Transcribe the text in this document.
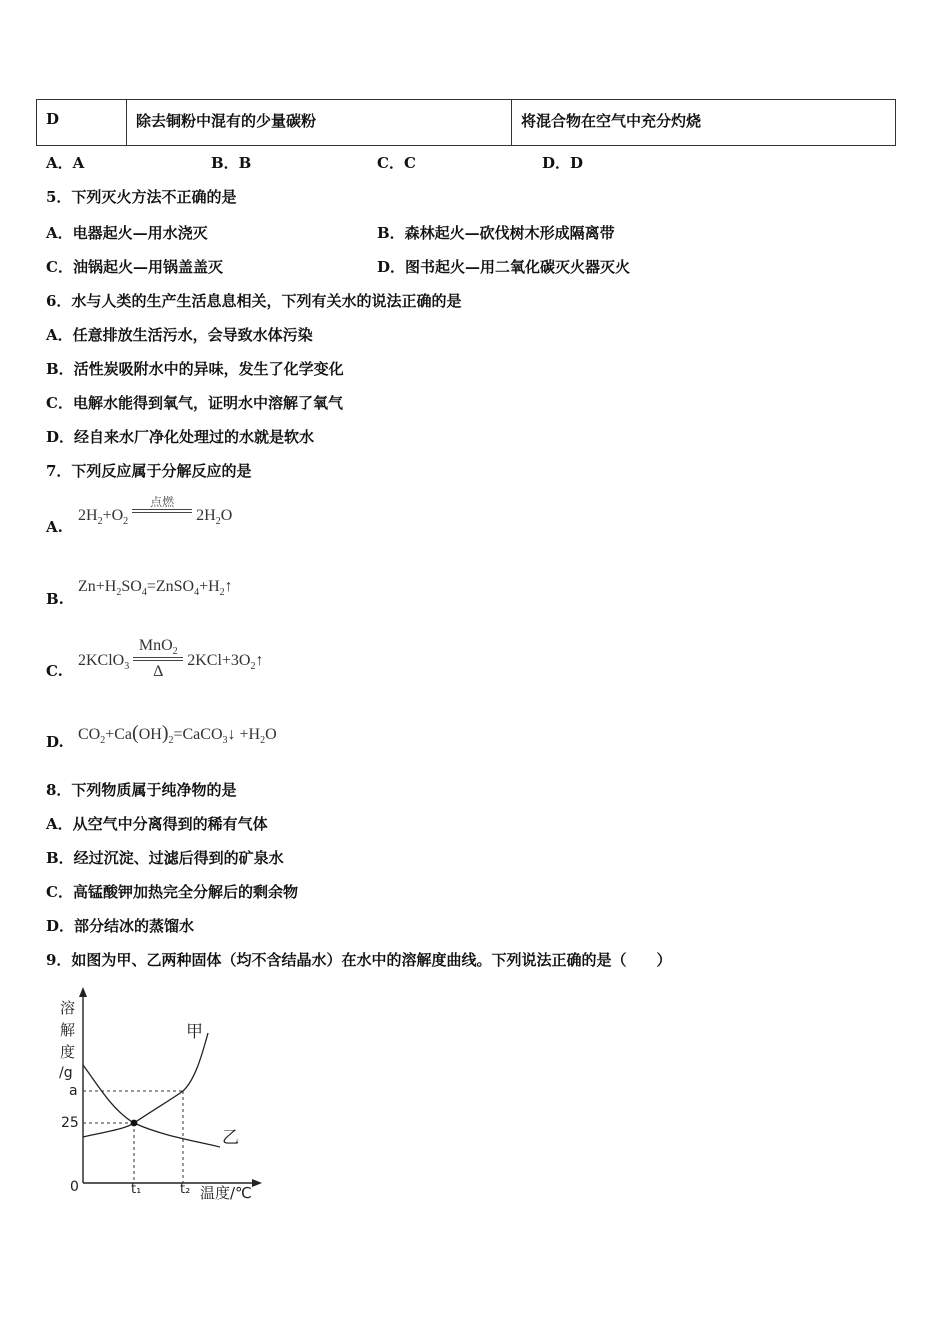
D	除去铜粉中混有的少量碳粉	将混合物在空气中充分灼烧
A．A	B．B	C．C	D．D
5．下列灭火方法不正确的是
A．电器起火—用水浇灭	B．森林起火—砍伐树木形成隔离带
C．油锅起火—用锅盖盖灭	D．图书起火—用二氧化碳灭火器灭火
6．水与人类的生产生活息息相关，下列有关水的说法正确的是
A．任意排放生活污水，会导致水体污染
B．活性炭吸附水中的异味，发生了化学变化
C．电解水能得到氧气，证明水中溶解了氧气
D．经自来水厂净化处理过的水就是软水
7．下列反应属于分解反应的是
A.
$2H_2+O_2$
点燃
$2H_2O$
B.
$Zn+H_2SO_4=ZnSO_4+H_2↑$
C.
2KClO$_3$
MnO$_2$
Δ
$2KCl+3O_2↑$
D. $CO_2+Ca(OH)_2=CaCO_3↓ +H_2O$
8．下列物质属于纯净物的是
A．从空气中分离得到的稀有气体
B．经过沉淀、过滤后得到的矿泉水
C．高锰酸钾加热完全分解后的剩余物
D．部分结冰的蒸馏水
9．如图为甲、乙两种固体（均不含结晶水）在水中的溶解度曲线。下列说法正确的是（　　）
溶 解 度 /g
a
25
0	t₁	t₂ 温度/℃
甲
乙
